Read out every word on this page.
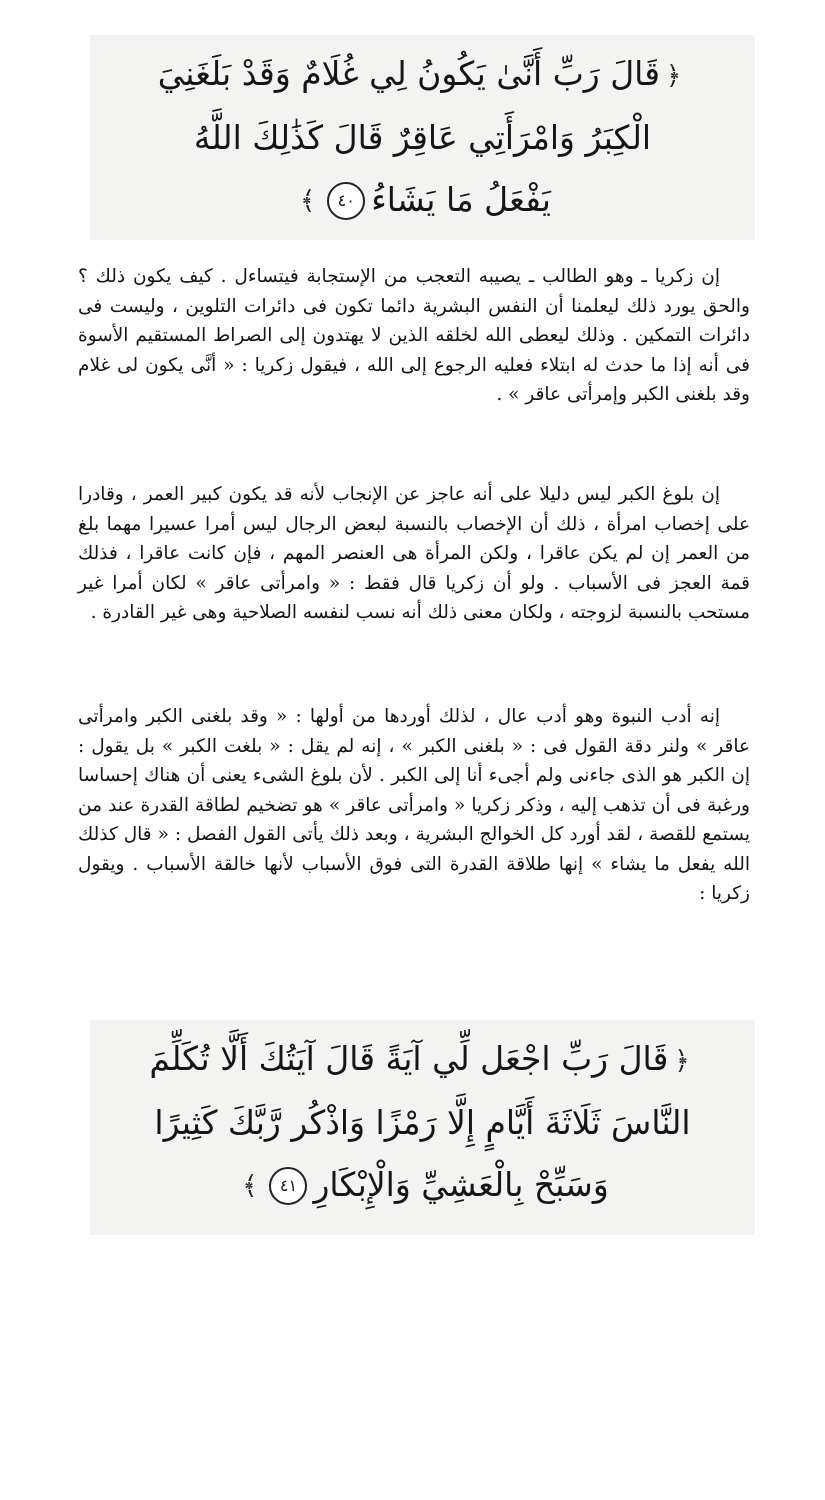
﴿قَالَ رَبِّ أَنَّىٰ يَكُونُ لِي غُلَامٌ وَقَدْ بَلَغَنِيَ
الْكِبَرُ وَامْرَأَتِي عَاقِرٌ قَالَ كَذَٰلِكَ اللَّهُ
يَفْعَلُ مَا يَشَاءُ٤٠﴾

إن زكريا ـ وهو الطالب ـ يصيبه التعجب من الإستجابة فيتساءل . كيف يكون ذلك ؟ والحق يورد ذلك ليعلمنا أن النفس البشرية دائما تكون فى دائرات التلوين ، وليست فى دائرات التمكين . وذلك ليعطى الله لخلقه الذين لا يهتدون إلى الصراط المستقيم الأسوة فى أنه إذا ما حدث له ابتلاء فعليه الرجوع إلى الله ، فيقول زكريا : « أنَّى يكون لى غلام وقد بلغنى الكبر وإمرأتى عاقر » .

إن بلوغ الكبر ليس دليلا على أنه عاجز عن الإنجاب لأنه قد يكون كبير العمر ، وقادرا على إخصاب امرأة ، ذلك أن الإخصاب بالنسبة لبعض الرجال ليس أمرا عسيرا مهما بلغ من العمر إن لم يكن عاقرا ، ولكن المرأة هى العنصر المهم ، فإن كانت عاقرا ، فذلك قمة العجز فى الأسباب . ولو أن زكريا قال فقط : « وامرأتى عاقر » لكان أمرا غير مستحب بالنسبة لزوجته ، ولكان معنى ذلك أنه نسب لنفسه الصلاحية وهى غير القادرة .

إنه أدب النبوة وهو أدب عال ، لذلك أوردها من أولها : « وقد بلغنى الكبر وامرأتى عاقر » ولنر دقة القول فى : « بلغنى الكبر » ، إنه لم يقل : « بلغت الكبر » بل يقول : إن الكبر هو الذى جاءنى ولم أجىء أنا إلى الكبر . لأن بلوغ الشىء يعنى أن هناك إحساسا ورغبة فى أن تذهب إليه ، وذكر زكريا « وامرأتى عاقر » هو تضخيم لطاقة القدرة عند من يستمع للقصة ، لقد أورد كل الخوالج البشرية ، وبعد ذلك يأتى القول الفصل : « قال كذلك الله يفعل ما يشاء » إنها طلاقة القدرة التى فوق الأسباب لأنها خالقة الأسباب . ويقول زكريا :

﴿قَالَ رَبِّ اجْعَل لِّي آيَةً قَالَ آيَتُكَ أَلَّا تُكَلِّمَ
النَّاسَ ثَلَاثَةَ أَيَّامٍ إِلَّا رَمْزًا وَاذْكُر رَّبَّكَ كَثِيرًا
وَسَبِّحْ بِالْعَشِيِّ وَالْإِبْكَارِ٤١﴾
